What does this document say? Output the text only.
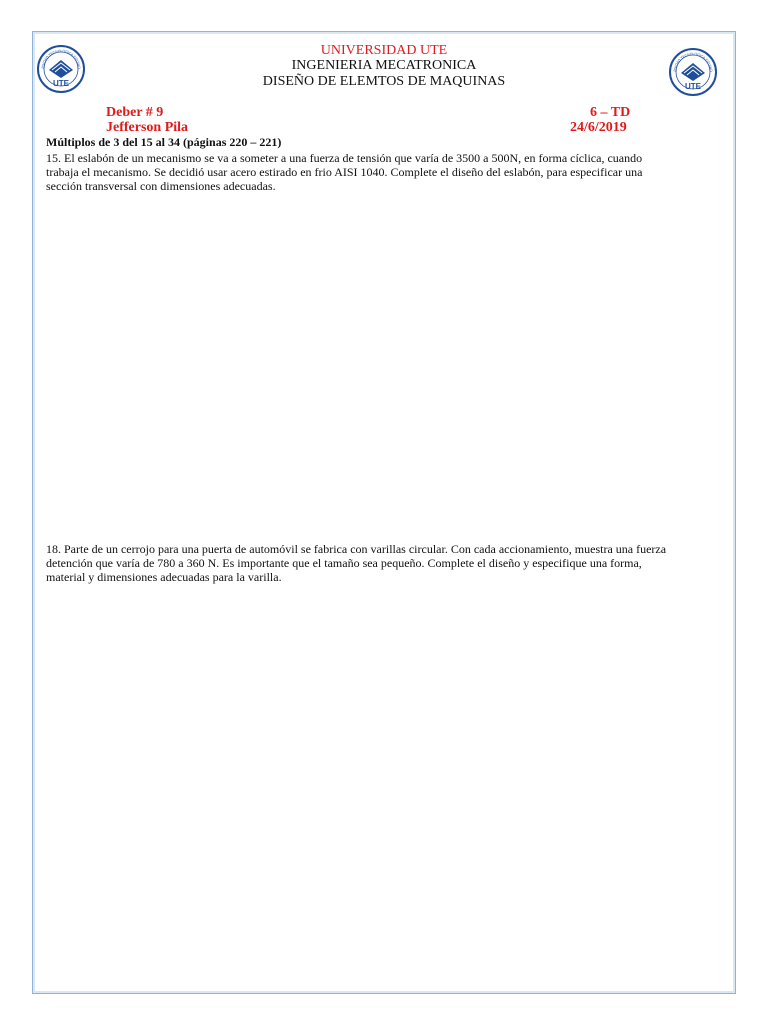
UTE
RSIDAD TECNOLÓGICA EQUINO
UTE
RSIDAD TECNOLÓGICA EQUINO
UNIVERSIDAD UTE
INGENIERIA MECATRONICA
DISEÑO DE ELEMTOS DE MAQUINAS
Deber # 9
Jefferson Pila
6 – TD
24/6/2019
Múltiplos de 3 del 15 al 34 (páginas 220 – 221)
15. El eslabón de un mecanismo se va a someter a una fuerza de tensión que varía de 3500 a 500N, en forma cíclica, cuando
trabaja el mecanismo. Se decidió usar acero estirado en frio AISI 1040. Complete el diseño del eslabón, para especificar una
sección transversal con dimensiones adecuadas.
18. Parte de un cerrojo para una puerta de automóvil se fabrica con varillas circular. Con cada accionamiento, muestra una fuerza
detención que varía de 780 a 360 N. Es importante que el tamaño sea pequeño. Complete el diseño y especifique una forma,
material y dimensiones adecuadas para la varilla.
